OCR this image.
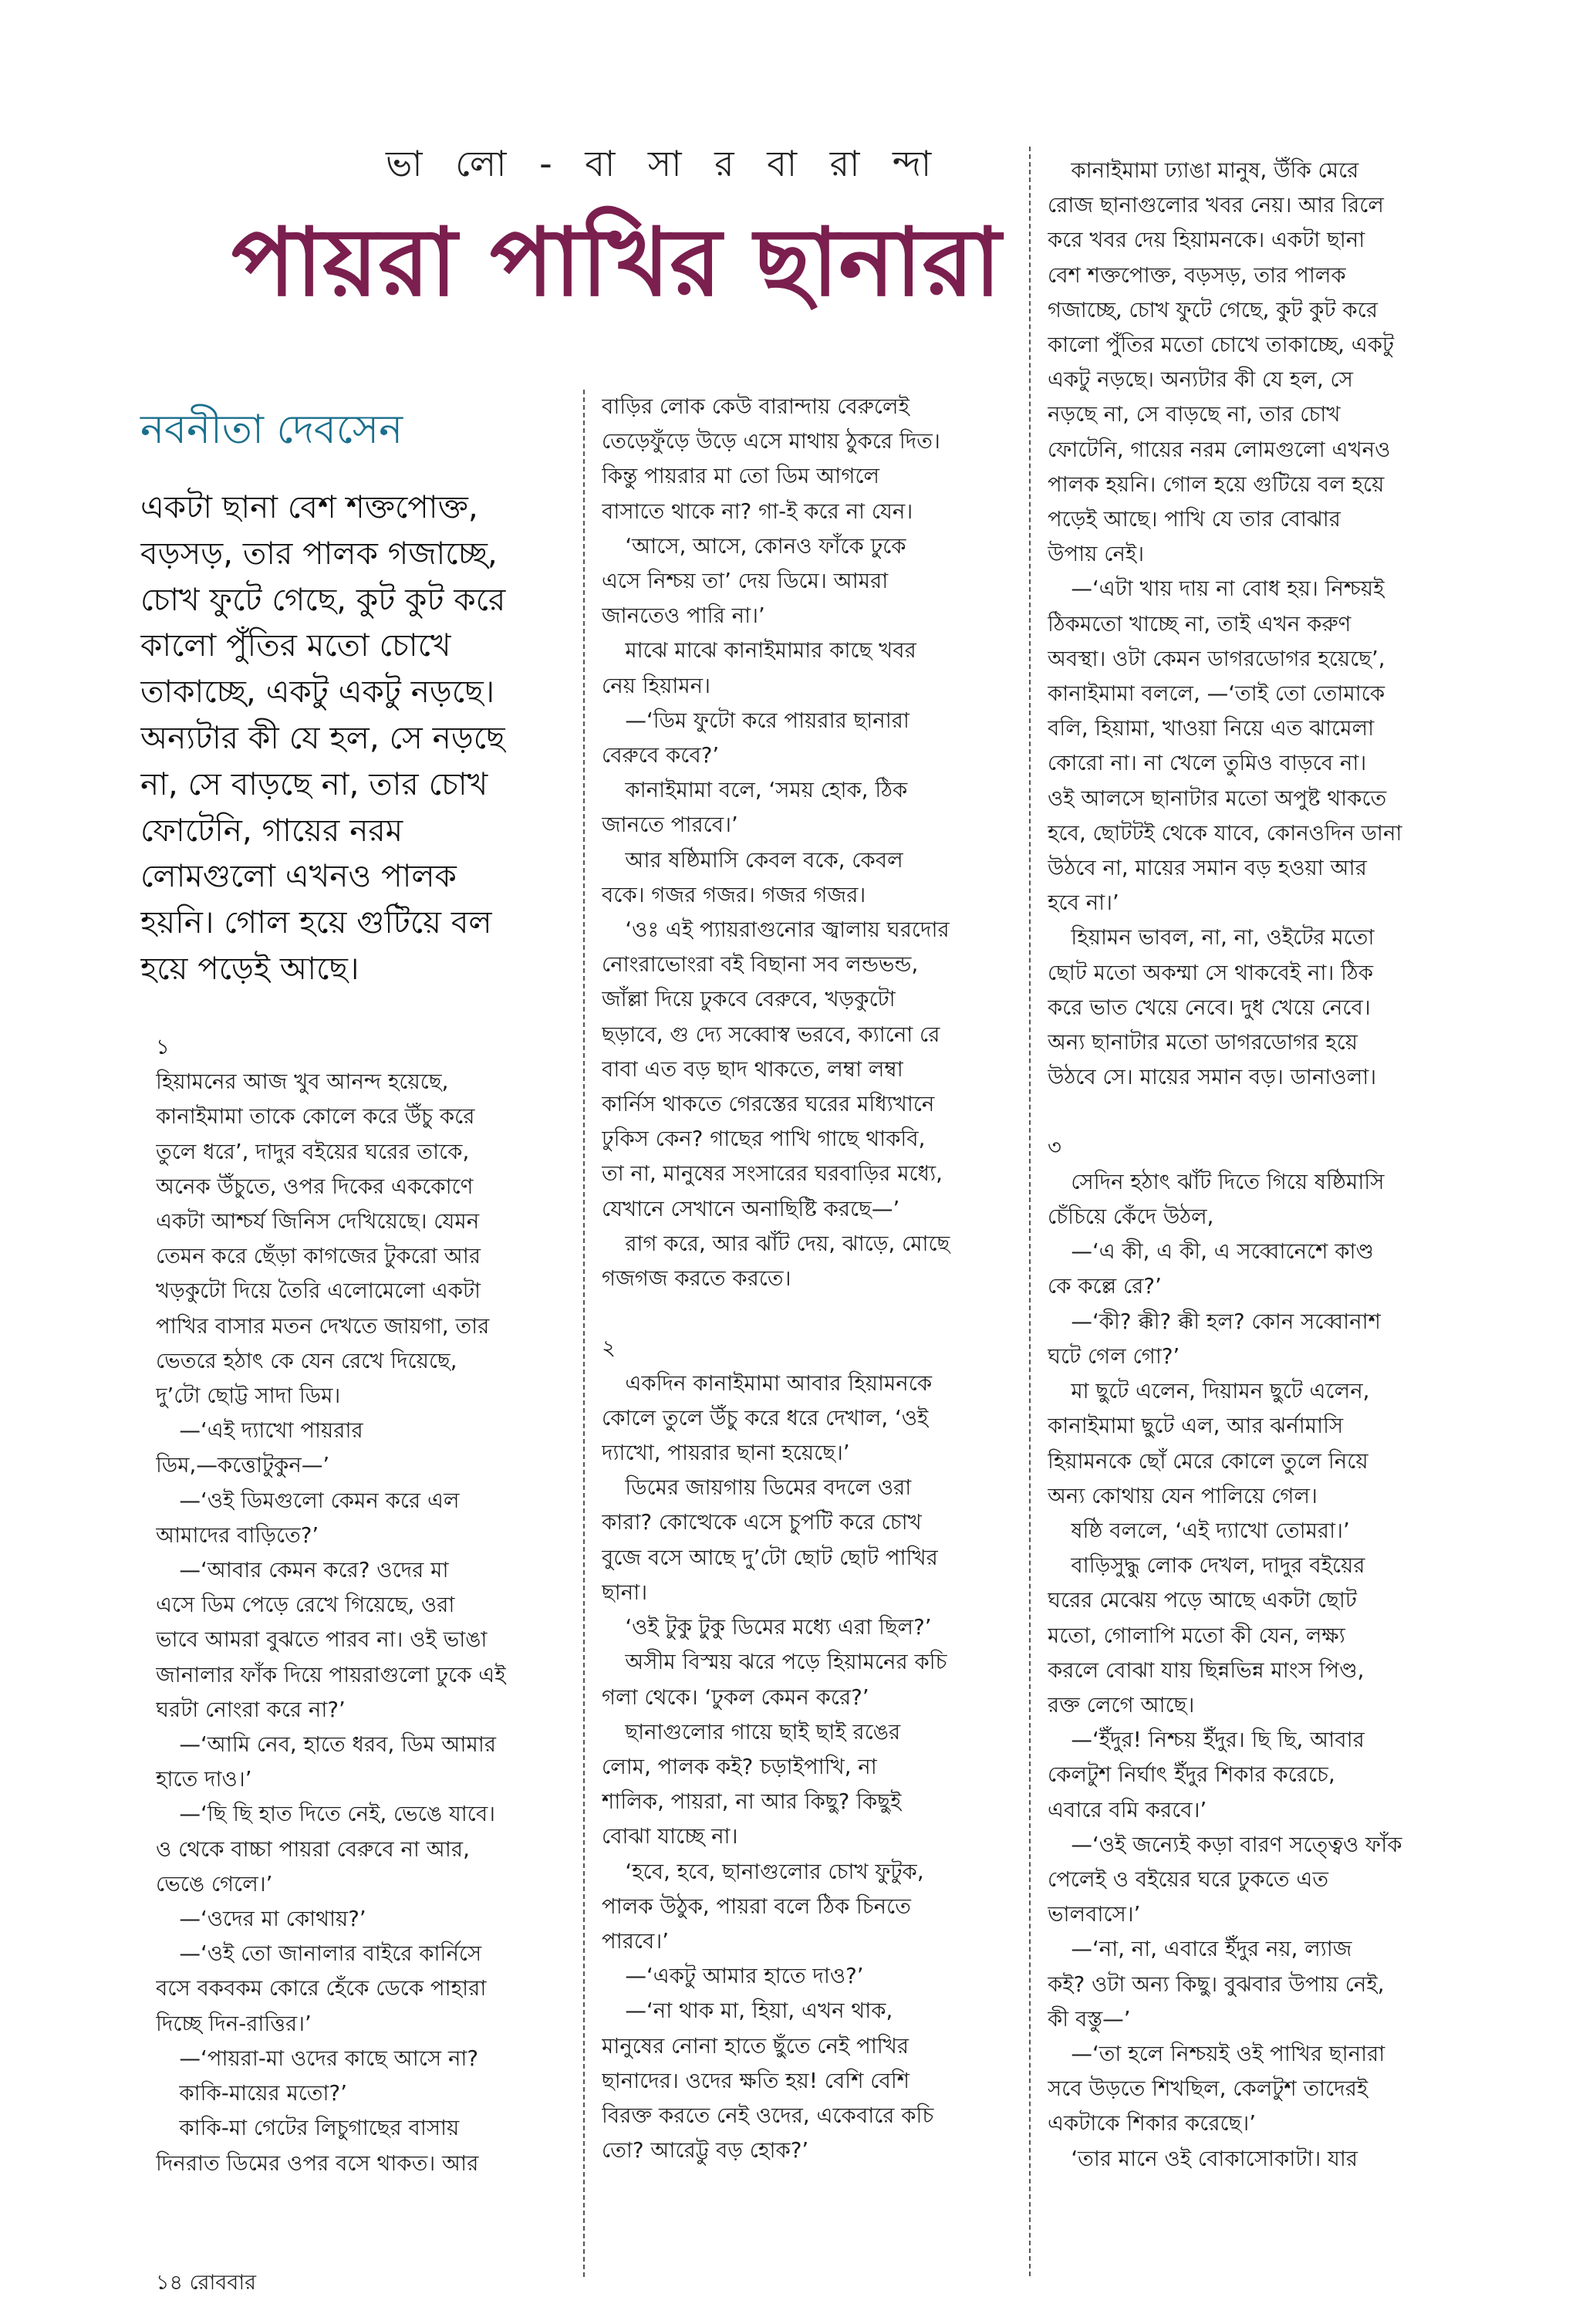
ভা লো - বা সা র বা রা ন্দা
পায়রা পাখির ছানারা
নবনীতা দেবসেন
একটা ছানা বেশ শক্তপোক্ত,
বড়সড়, তার পালক গজাচ্ছে,
চোখ ফুটে গেছে, কুট কুট করে
কালো পুঁতির মতো চোখে
তাকাচ্ছে, একটু একটু নড়ছে।
অন্যটার কী যে হল, সে নড়ছে
না, সে বাড়ছে না, তার চোখ
ফোটেনি, গায়ের নরম
লোমগুলো এখনও পালক
হয়নি। গোল হয়ে গুটিয়ে বল
হয়ে পড়েই আছে।
১
হিয়ামনের আজ খুব আনন্দ হয়েছে,
কানাইমামা তাকে কোলে করে উঁচু করে
তুলে ধরে’, দাদুর বইয়ের ঘরের তাকে,
অনেক উঁচুতে, ওপর দিকের এককোণে
একটা আশ্চর্য জিনিস দেখিয়েছে। যেমন
তেমন করে ছেঁড়া কাগজের টুকরো আর
খড়কুটো দিয়ে তৈরি এলোমেলো একটা
পাখির বাসার মতন দেখতে জায়গা, তার
ভেতরে হঠাৎ কে যেন রেখে দিয়েছে,
দু’টো ছোট্ট সাদা ডিম।
—‘এই দ্যাখো পায়রার
ডিম,—কত্তোটুকুন—’
—‘ওই ডিমগুলো কেমন করে এল
আমাদের বাড়িতে?’
—‘আবার কেমন করে? ওদের মা
এসে ডিম পেড়ে রেখে গিয়েছে, ওরা
ভাবে আমরা বুঝতে পারব না। ওই ভাঙা
জানালার ফাঁক দিয়ে পায়রাগুলো ঢুকে এই
ঘরটা নোংরা করে না?’
—‘আমি নেব, হাতে ধরব, ডিম আমার
হাতে দাও।’
—‘ছি ছি হাত দিতে নেই, ভেঙে যাবে।
ও থেকে বাচ্চা পায়রা বেরুবে না আর,
ভেঙে গেলে।’
—‘ওদের মা কোথায়?’
—‘ওই তো জানালার বাইরে কার্নিসে
বসে বকবকম কোরে হেঁকে ডেকে পাহারা
দিচ্ছে দিন-রাত্তির।’
—‘পায়রা-মা ওদের কাছে আসে না?
কাকি-মায়ের মতো?’
কাকি-মা গেটের লিচুগাছের বাসায়
দিনরাত ডিমের ওপর বসে থাকত। আর
বাড়ির লোক কেউ বারান্দায় বেরুলেই
তেড়েফুঁড়ে উড়ে এসে মাথায় ঠুকরে দিত।
কিন্তু পায়রার মা তো ডিম আগলে
বাসাতে থাকে না? গা-ই করে না যেন।
‘আসে, আসে, কোনও ফাঁকে ঢুকে
এসে নিশ্চয় তা’ দেয় ডিমে। আমরা
জানতেও পারি না।’
মাঝে মাঝে কানাইমামার কাছে খবর
নেয় হিয়ামন।
—‘ডিম ফুটো করে পায়রার ছানারা
বেরুবে কবে?’
কানাইমামা বলে, ‘সময় হোক, ঠিক
জানতে পারবে।’
আর ষষ্ঠিমাসি কেবল বকে, কেবল
বকে। গজর গজর। গজর গজর।
‘ওঃ এই প্যায়রাগুনোর জ্বালায় ঘরদোর
নোংরাভোংরা বই বিছানা সব লন্ডভন্ড,
জাঁল্লা দিয়ে ঢুকবে বেরুবে, খড়কুটো
ছড়াবে, গু দ্যে সব্বোস্ব ভরবে, ক্যানো রে
বাবা এত বড় ছাদ থাকতে, লম্বা লম্বা
কার্নিস থাকতে গেরস্তের ঘরের মধ্যিখানে
ঢুকিস কেন? গাছের পাখি গাছে থাকবি,
তা না, মানুষের সংসারের ঘরবাড়ির মধ্যে,
যেখানে সেখানে অনাছিষ্টি করছে—’
রাগ করে, আর ঝাঁট দেয়, ঝাড়ে, মোছে
গজগজ করতে করতে।
২
একদিন কানাইমামা আবার হিয়ামনকে
কোলে তুলে উঁচু করে ধরে দেখাল, ‘ওই
দ্যাখো, পায়রার ছানা হয়েছে।’
ডিমের জায়গায় ডিমের বদলে ওরা
কারা? কোত্থেকে এসে চুপটি করে চোখ
বুজে বসে আছে দু’টো ছোট ছোট পাখির
ছানা।
‘ওই টুকু টুকু ডিমের মধ্যে এরা ছিল?’
অসীম বিস্ময় ঝরে পড়ে হিয়ামনের কচি
গলা থেকে। ‘ঢুকল কেমন করে?’
ছানাগুলোর গায়ে ছাই ছাই রঙের
লোম, পালক কই? চড়াইপাখি, না
শালিক, পায়রা, না আর কিছু? কিছুই
বোঝা যাচ্ছে না।
‘হবে, হবে, ছানাগুলোর চোখ ফুটুক,
পালক উঠুক, পায়রা বলে ঠিক চিনতে
পারবে।’
—‘একটু আমার হাতে দাও?’
—‘না থাক মা, হিয়া, এখন থাক,
মানুষের নোনা হাতে ছুঁতে নেই পাখির
ছানাদের। ওদের ক্ষতি হয়! বেশি বেশি
বিরক্ত করতে নেই ওদের, একেবারে কচি
তো? আরেট্টু বড় হোক?’
কানাইমামা ঢ্যাঙা মানুষ, উঁকি মেরে
রোজ ছানাগুলোর খবর নেয়। আর রিলে
করে খবর দেয় হিয়ামনকে। একটা ছানা
বেশ শক্তপোক্ত, বড়সড়, তার পালক
গজাচ্ছে, চোখ ফুটে গেছে, কুট কুট করে
কালো পুঁতির মতো চোখে তাকাচ্ছে, একটু
একটু নড়ছে। অন্যটার কী যে হল, সে
নড়ছে না, সে বাড়ছে না, তার চোখ
ফোটেনি, গায়ের নরম লোমগুলো এখনও
পালক হয়নি। গোল হয়ে গুটিয়ে বল হয়ে
পড়েই আছে। পাখি যে তার বোঝার
উপায় নেই।
—‘এটা খায় দায় না বোধ হয়। নিশ্চয়ই
ঠিকমতো খাচ্ছে না, তাই এখন করুণ
অবস্থা। ওটা কেমন ডাগরডোগর হয়েছে’,
কানাইমামা বললে, —‘তাই তো তোমাকে
বলি, হিয়ামা, খাওয়া নিয়ে এত ঝামেলা
কোরো না। না খেলে তুমিও বাড়বে না।
ওই আলসে ছানাটার মতো অপুষ্ট থাকতে
হবে, ছোটটই থেকে যাবে, কোনওদিন ডানা
উঠবে না, মায়ের সমান বড় হওয়া আর
হবে না।’
হিয়ামন ভাবল, না, না, ওইটের মতো
ছোট মতো অকম্মা সে থাকবেই না। ঠিক
করে ভাত খেয়ে নেবে। দুধ খেয়ে নেবে।
অন্য ছানাটার মতো ডাগরডোগর হয়ে
উঠবে সে। মায়ের সমান বড়। ডানাওলা।
৩
সেদিন হঠাৎ ঝাঁট দিতে গিয়ে ষষ্ঠিমাসি
চেঁচিয়ে কেঁদে উঠল,
—‘এ কী, এ কী, এ সব্বোনেশে কাণ্ড
কে কল্লে রে?’
—‘কী? ক্কী? ক্কী হল? কোন সব্বোনাশ
ঘটে গেল গো?’
মা ছুটে এলেন, দিয়ামন ছুটে এলেন,
কানাইমামা ছুটে এল, আর ঝর্নামাসি
হিয়ামনকে ছোঁ মেরে কোলে তুলে নিয়ে
অন্য কোথায় যেন পালিয়ে গেল।
ষষ্ঠি বললে, ‘এই দ্যাখো তোমরা।’
বাড়িসুদ্ধু লোক দেখল, দাদুর বইয়ের
ঘরের মেঝেয় পড়ে আছে একটা ছোট
মতো, গোলাপি মতো কী যেন, লক্ষ্য
করলে বোঝা যায় ছিন্নভিন্ন মাংস পিণ্ড,
রক্ত লেগে আছে।
—‘ইঁদুর! নিশ্চয় ইঁদুর। ছি ছি, আবার
কেলটুশ নির্ঘাৎ ইঁদুর শিকার করেচে,
এবারে বমি করবে।’
—‘ওই জন্যেই কড়া বারণ সত্ত্বেও ফাঁক
পেলেই ও বইয়ের ঘরে ঢুকতে এত
ভালবাসে।’
—‘না, না, এবারে ইঁদুর নয়, ল্যাজ
কই? ওটা অন্য কিছু। বুঝবার উপায় নেই,
কী বস্তু—’
—‘তা হলে নিশ্চয়ই ওই পাখির ছানারা
সবে উড়তে শিখছিল, কেলটুশ তাদেরই
একটাকে শিকার করেছে।’
‘তার মানে ওই বোকাসোকাটা। যার
১৪ রোববার
